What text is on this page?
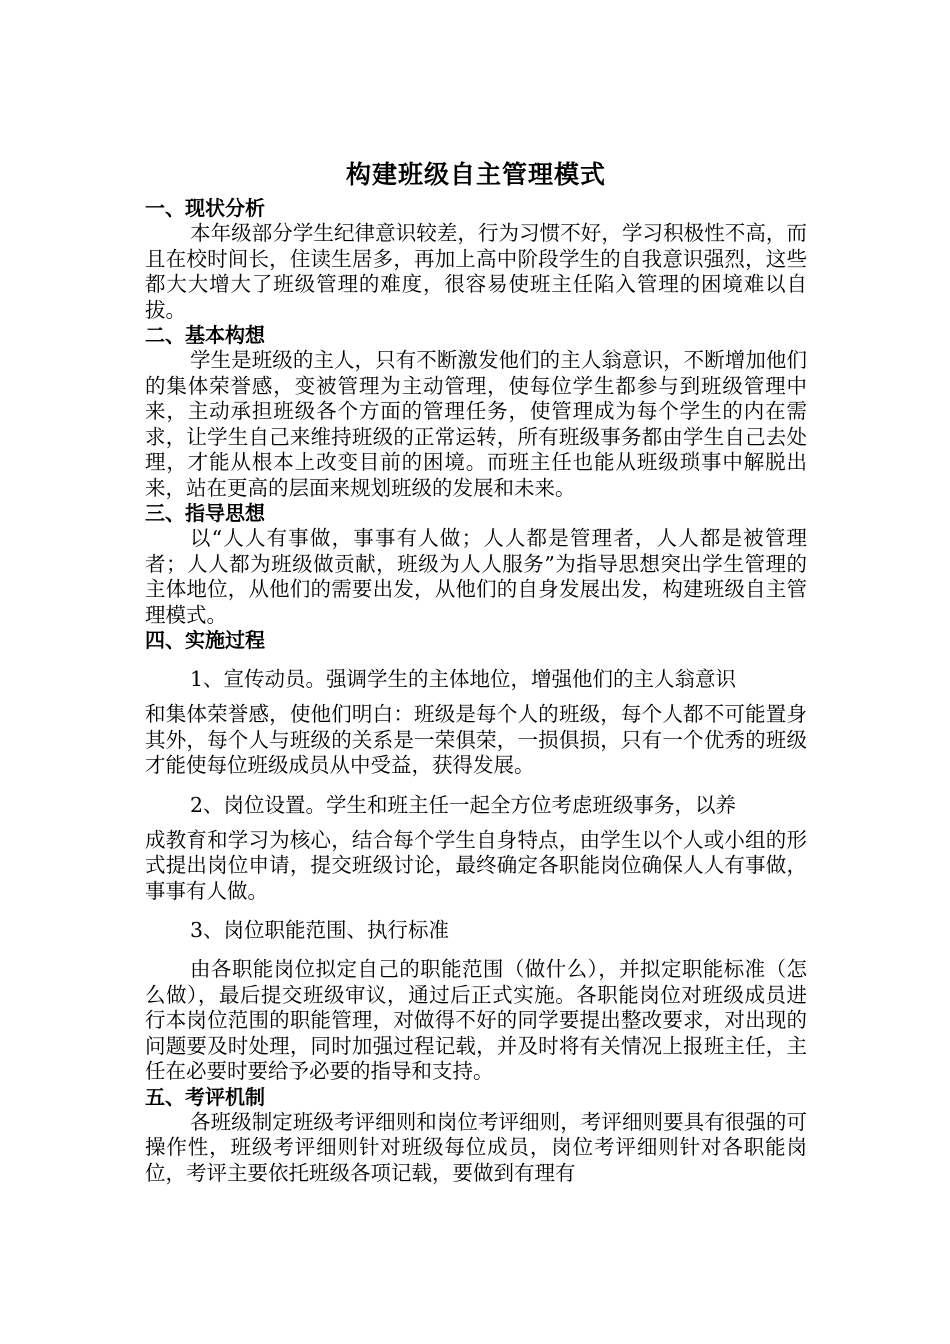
构建班级自主管理模式
一、现状分析

本年级部分学生纪律意识较差，行为习惯不好，学习积极性不高，而且在校时间长，住读生居多，再加上高中阶段学生的自我意识强烈，这些都大大增大了班级管理的难度，很容易使班主任陷入管理的困境难以自拔。

二、基本构想

学生是班级的主人，只有不断激发他们的主人翁意识，不断增加他们的集体荣誉感，变被管理为主动管理，使每位学生都参与到班级管理中来，主动承担班级各个方面的管理任务，使管理成为每个学生的内在需求，让学生自己来维持班级的正常运转，所有班级事务都由学生自己去处理，才能从根本上改变目前的困境。而班主任也能从班级琐事中解脱出来，站在更高的层面来规划班级的发展和未来。

三、指导思想

以“人人有事做，事事有人做；人人都是管理者，人人都是被管理者；人人都为班级做贡献，班级为人人服务”为指导思想突出学生管理的主体地位，从他们的需要出发，从他们的自身发展出发，构建班级自主管理模式。

四、实施过程

1、宣传动员。强调学生的主体地位，增强他们的主人翁意识

和集体荣誉感，使他们明白：班级是每个人的班级，每个人都不可能置身其外，每个人与班级的关系是一荣俱荣，一损俱损，只有一个优秀的班级才能使每位班级成员从中受益，获得发展。

2、岗位设置。学生和班主任一起全方位考虑班级事务，以养

成教育和学习为核心，结合每个学生自身特点，由学生以个人或小组的形式提出岗位申请，提交班级讨论，最终确定各职能岗位确保人人有事做，事事有人做。

3、岗位职能范围、执行标准

由各职能岗位拟定自己的职能范围（做什么），并拟定职能标准（怎么做），最后提交班级审议，通过后正式实施。各职能岗位对班级成员进行本岗位范围的职能管理，对做得不好的同学要提出整改要求，对出现的问题要及时处理，同时加强过程记载，并及时将有关情况上报班主任，主任在必要时要给予必要的指导和支持。

五、考评机制

各班级制定班级考评细则和岗位考评细则，考评细则要具有很强的可操作性，班级考评细则针对班级每位成员，岗位考评细则针对各职能岗位，考评主要依托班级各项记载，要做到有理有
